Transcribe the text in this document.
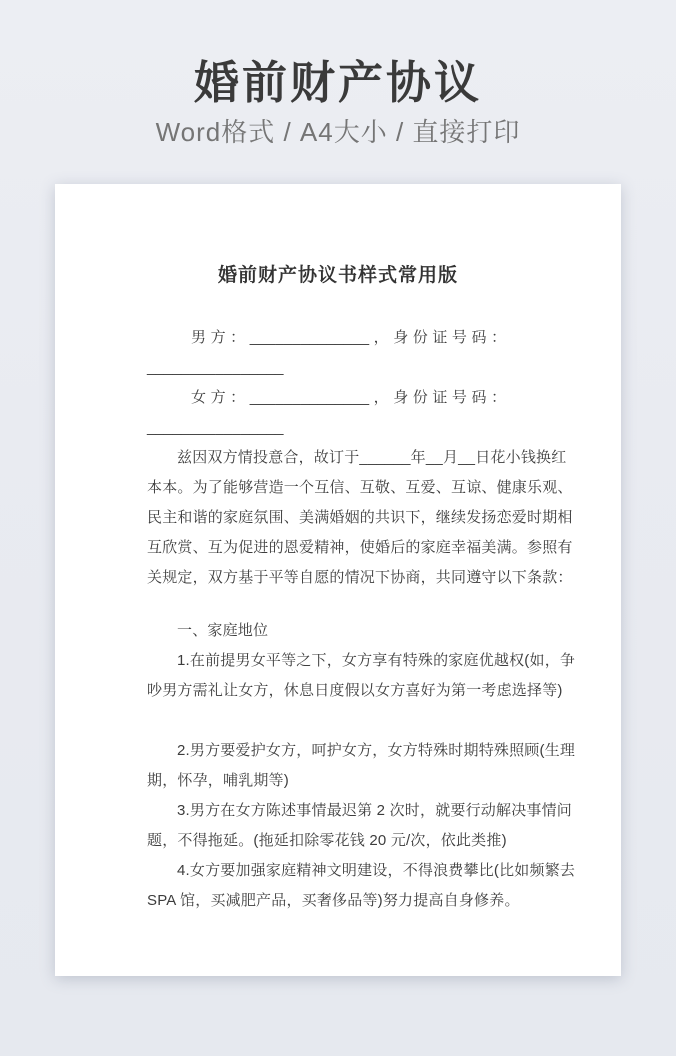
婚前财产协议
Word格式 / A4大小 / 直接打印
婚前财产协议书样式常用版
男 方 ： ______________ ， 身 份 证 号 码 ：
________________
女 方 ： ______________ ， 身 份 证 号 码 ：
________________
兹因双方情投意合，故订于______年__月__日花小钱换红
本本。为了能够营造一个互信、互敬、互爱、互谅、健康乐观、
民主和谐的家庭氛围、美满婚姻的共识下，继续发扬恋爱时期相
互欣赏、互为促进的恩爱精神，使婚后的家庭幸福美满。参照有
关规定，双方基于平等自愿的情况下协商，共同遵守以下条款：
一、家庭地位
1.在前提男女平等之下，女方享有特殊的家庭优越权(如，争
吵男方需礼让女方，休息日度假以女方喜好为第一考虑选择等)
2.男方要爱护女方，呵护女方，女方特殊时期特殊照顾(生理
期，怀孕，哺乳期等)
3.男方在女方陈述事情最迟第 2 次时，就要行动解决事情问
题，不得拖延。(拖延扣除零花钱 20 元/次，依此类推)
4.女方要加强家庭精神文明建设，不得浪费攀比(比如频繁去
SPA 馆，买减肥产品，买奢侈品等)努力提高自身修养。
